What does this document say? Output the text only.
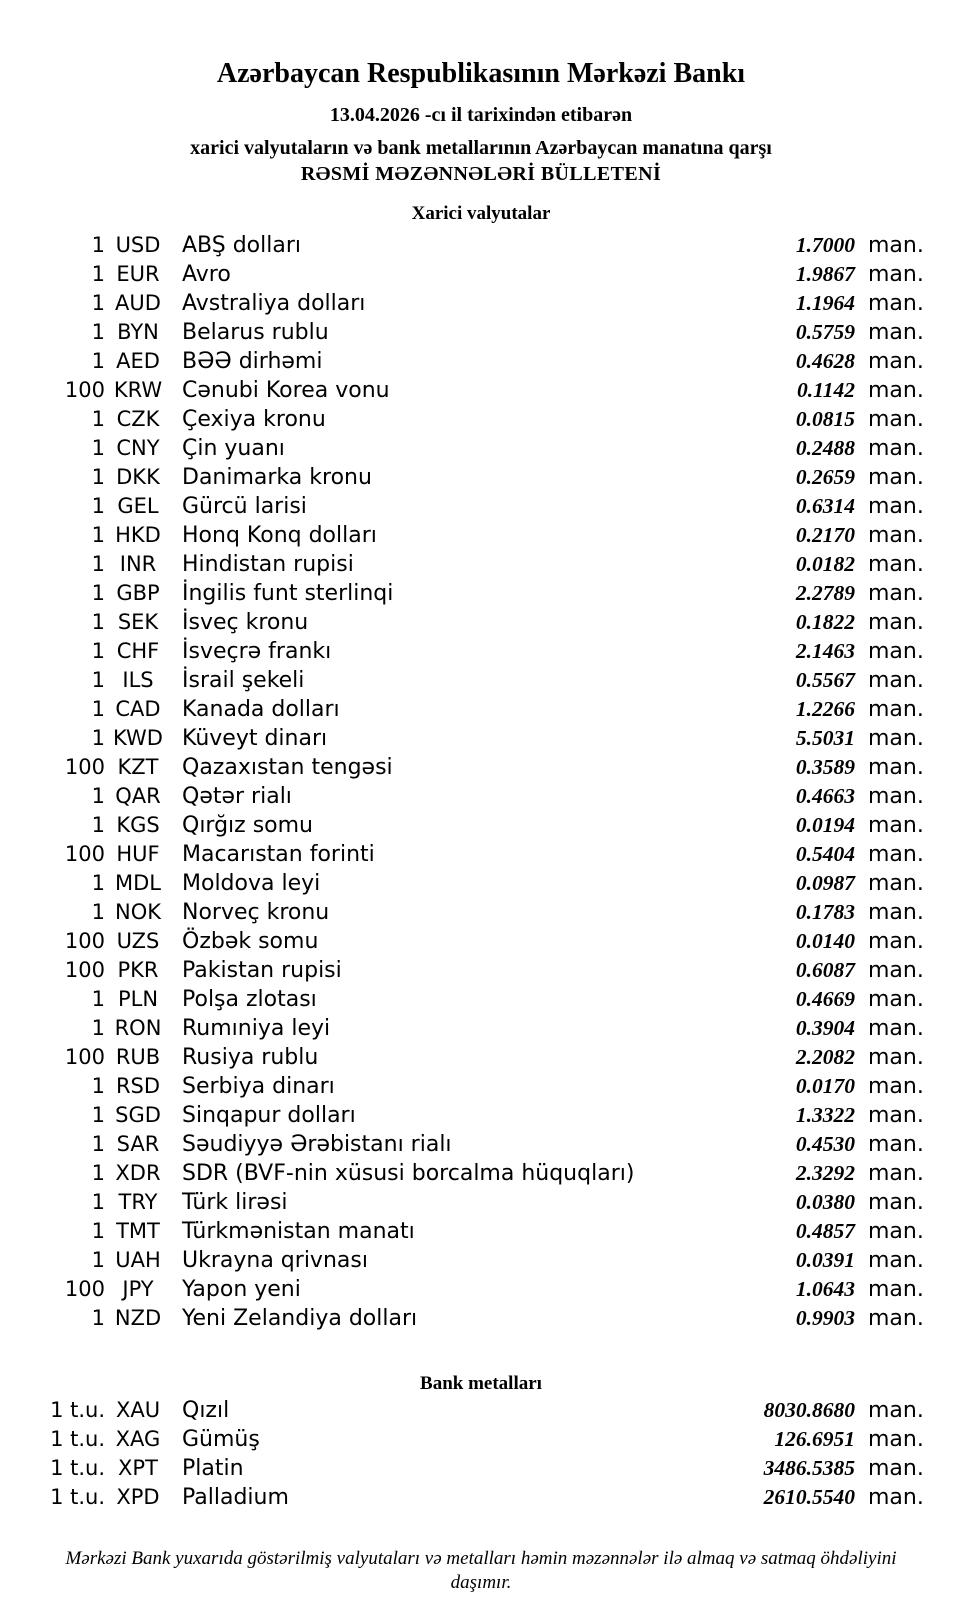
Azərbaycan Respublikasının Mərkəzi Bankı
13.04.2026 -cı il tarixindən etibarən
xarici valyutaların və bank metallarının Azərbaycan manatına qarşı
RƏSMİ MƏZƏNNƏLƏRİ BÜLLETENİ
Xarici valyutalar
1 USD ABŞ dolları	1.7000 man.
1 EUR	Avro	1.9867 man.
1 AUD Avstraliya dolları	1.1964 man.
1 BYN	Belarus rublu	0.5759 man.
1 AED	BƏƏ dirhəmi	0.4628 man.
100 KRW Cənubi Korea vonu	0.1142 man.
1 CZK	Çexiya kronu	0.0815 man.
1 CNY	Çin yuanı	0.2488 man.
1 DKK	Danimarka kronu	0.2659 man.
1 GEL	Gürcü larisi	0.6314 man.
1 HKD Honq Konq dolları	0.2170 man.
1 INR	Hindistan rupisi	0.0182 man.
1 GBP	İngilis funt sterlinqi	2.2789 man.
1 SEK	İsveç kronu	0.1822 man.
1 CHF	İsveçrə frankı	2.1463 man.
1 ILS	İsrail şekeli	0.5567 man.
1 CAD Kanada dolları	1.2266 man.
1 KWD Küveyt dinarı	5.5031 man.
100 KZT	Qazaxıstan tengəsi	0.3589 man.
1 QAR Qətər rialı	0.4663 man.
1 KGS	Qırğız somu	0.0194 man.
100 HUF	Macarıstan forinti	0.5404 man.
1 MDL Moldova leyi	0.0987 man.
1 NOK Norveç kronu	0.1783 man.
100 UZS	Özbək somu	0.0140 man.
100 PKR	Pakistan rupisi	0.6087 man.
1 PLN	Polşa zlotası	0.4669 man.
1 RON Rumıniya leyi	0.3904 man.
100 RUB Rusiya rublu	2.2082 man.
1 RSD Serbiya dinarı	0.0170 man.
1 SGD Sinqapur dolları	1.3322 man.
1 SAR	Səudiyyə Ərəbistanı rialı	0.4530 man.
1 XDR SDR (BVF-nin xüsusi borcalma hüquqları)	2.3292 man.
1 TRY	Türk lirəsi	0.0380 man.
1 TMT	Türkmənistan manatı	0.4857 man.
1 UAH Ukrayna qrivnası	0.0391 man.
100 JPY	Yapon yeni	1.0643 man.
1 NZD Yeni Zelandiya dolları	0.9903 man.
Bank metalları
1 t.u. XAU Qızıl	8030.8680 man.
1 t.u. XAG Gümüş	126.6951 man.
1 t.u. XPT	Platin	3486.5385 man.
1 t.u. XPD	Palladium	2610.5540 man.
Mərkəzi Bank yuxarıda göstərilmiş valyutaları və metalları həmin məzənnələr ilə almaq və satmaq öhdəliyini daşımır.
